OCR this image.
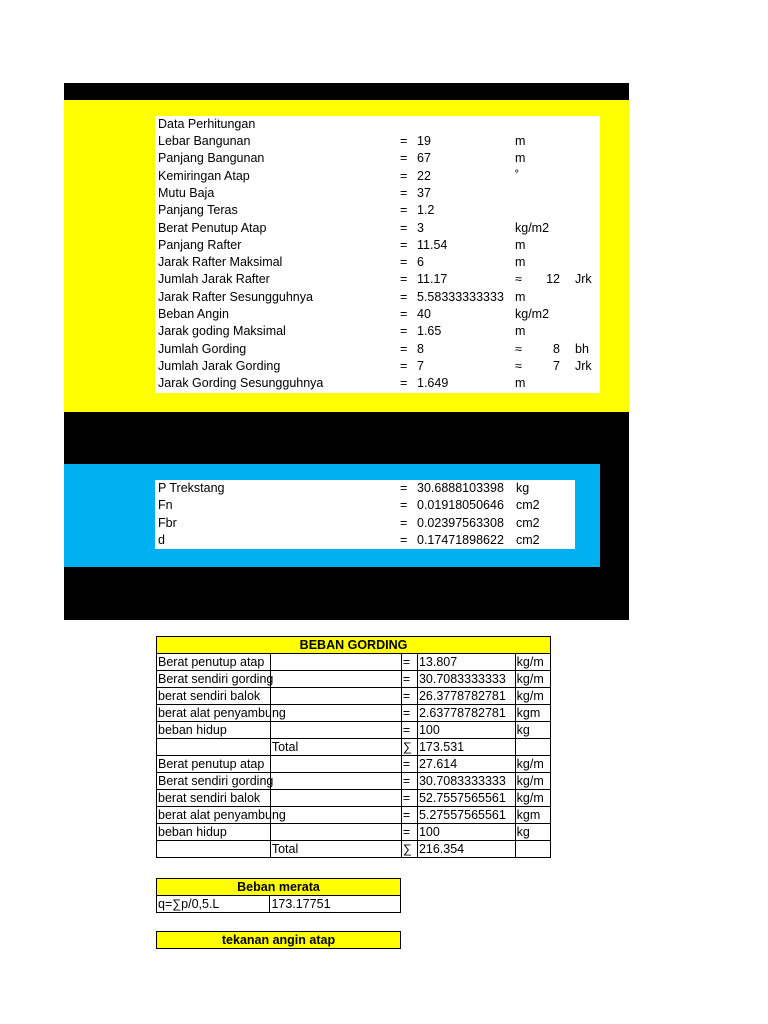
Data Perhitungan
Lebar Bangunan	= 19	m
Panjang Bangunan	= 67	m
Kemiringan Atap	= 22	˚
Mutu Baja	= 37
Panjang Teras	= 1.2
Berat Penutup Atap	= 3	kg/m2
Panjang Rafter	= 11.54	m
Jarak Rafter Maksimal	= 6	m
Jumlah Jarak Rafter	= 11.17	≈	12 Jrk
Jarak Rafter Sesungguhnya	= 5.58333333333 m
Beban Angin	= 40	kg/m2
Jarak goding Maksimal	= 1.65	m
Jumlah Gording	= 8	≈	8 bh
Jumlah Jarak Gording	= 7	≈	7 Jrk
Jarak Gording Sesungguhnya	= 1.649	m
P Trekstang	= 30.6888103398 kg
Fn	= 0.01918050646 cm2
Fbr	= 0.02397563308 cm2
d	= 0.17471898622 cm2
BEBAN GORDING				
Berat penutup atap		=	13.807	kg/m
Berat sendiri gording		=	30.7083333333	kg/m
berat sendiri balok		=	26.3778782781	kg/m
berat alat penyambung		=	2.63778782781	kgm
beban hidup		=	100	kg
	Total	∑	173.531	
Berat penutup atap		=	27.614	kg/m
Berat sendiri gording		=	30.7083333333	kg/m
berat sendiri balok		=	52.7557565561	kg/m
berat alat penyambung		=	5.27557565561	kgm
beban hidup		=	100	kg
	Total	∑	216.354	
Beban merata
q=∑p/0,5.L	173.17751
tekanan angin atap
